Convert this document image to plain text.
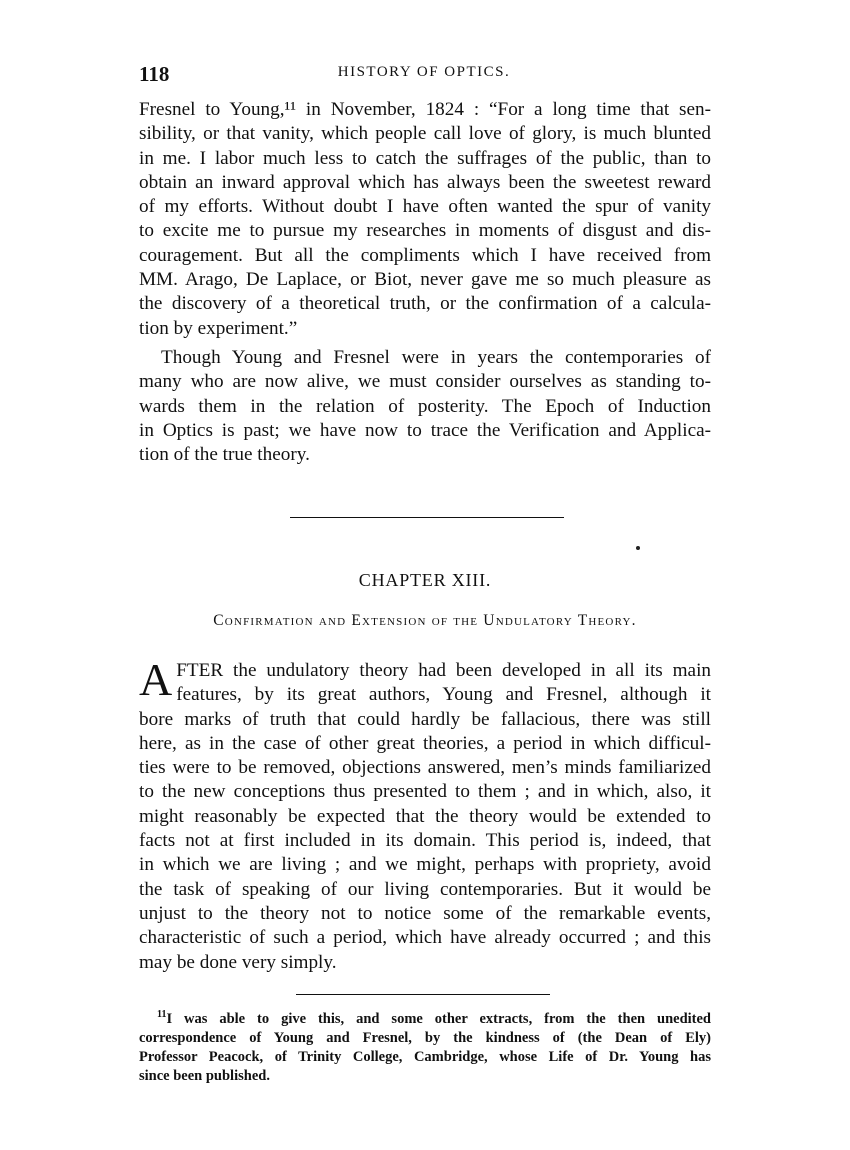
118	HISTORY OF OPTICS.

Fresnel to Young,¹¹ in November, 1824 : “For a long time that sen-

sibility, or that vanity, which people call love of glory, is much blunted

in me. I labor much less to catch the suffrages of the public, than to

obtain an inward approval which has always been the sweetest reward

of my efforts. Without doubt I have often wanted the spur of vanity

to excite me to pursue my researches in moments of disgust and dis-

couragement. But all the compliments which I have received from

MM. Arago, De Laplace, or Biot, never gave me so much pleasure as

the discovery of a theoretical truth, or the confirmation of a calcula-

tion by experiment.”

Though Young and Fresnel were in years the contemporaries of

many who are now alive, we must consider ourselves as standing to-

wards them in the relation of posterity. The Epoch of Induction

in Optics is past; we have now to trace the Verification and Applica-

tion of the true theory.

CHAPTER XIII.
Confirmation and Extension of the Undulatory Theory.
A FTER the undulatory theory had been developed in all its main

features, by its great authors, Young and Fresnel, although it

bore marks of truth that could hardly be fallacious, there was still

here, as in the case of other great theories, a period in which difficul-

ties were to be removed, objections answered, men’s minds familiarized

to the new conceptions thus presented to them ; and in which, also, it

might reasonably be expected that the theory would be extended to

facts not at first included in its domain. This period is, indeed, that

in which we are living ; and we might, perhaps with propriety, avoid

the task of speaking of our living contemporaries. But it would be

unjust to the theory not to notice some of the remarkable events,

characteristic of such a period, which have already occurred ; and this

may be done very simply.

$^{11}$I was able to give this, and some other extracts, from the then unedited

correspondence of Young and Fresnel, by the kindness of (the Dean of Ely)

Professor Peacock, of Trinity College, Cambridge, whose Life of Dr. Young has

since been published.
